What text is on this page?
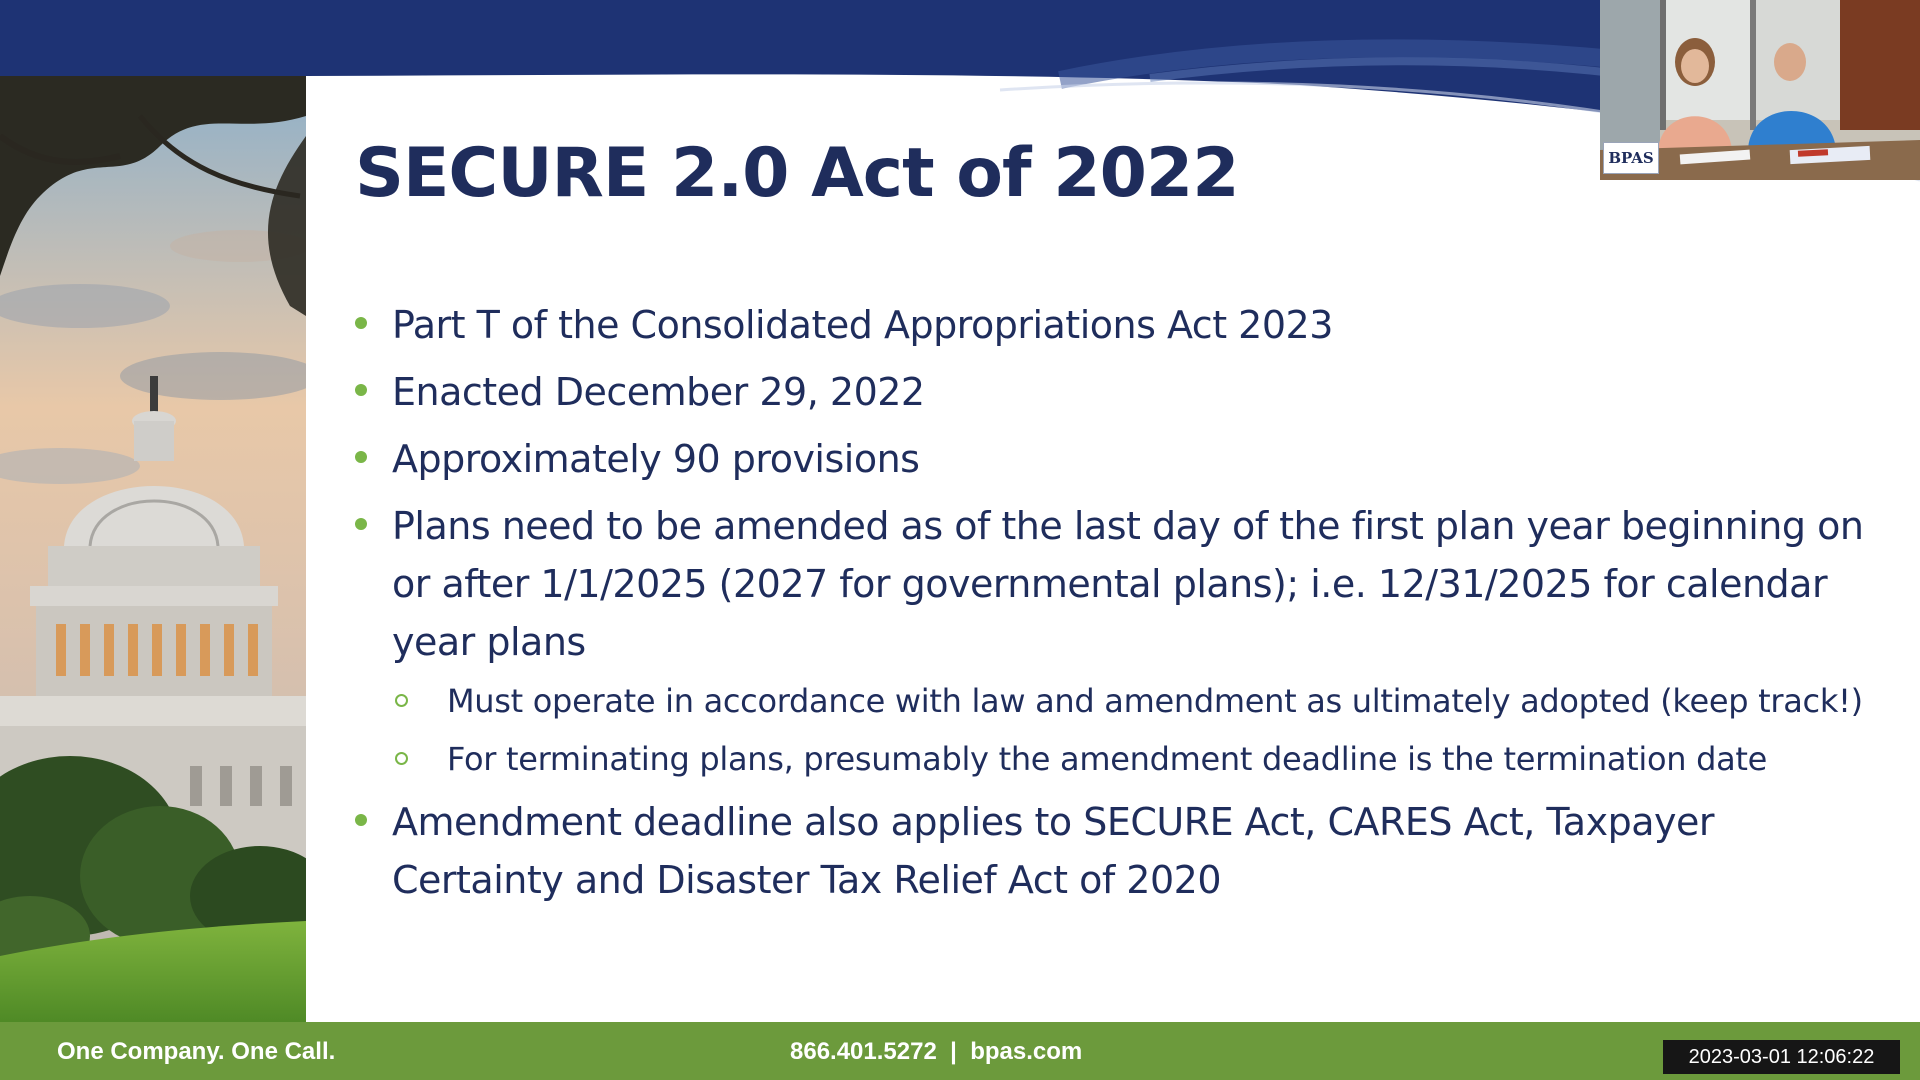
SECURE 2.0 Act of 2022
Part T of the Consolidated Appropriations Act 2023
Enacted December 29, 2022
Approximately 90 provisions
Plans need to be amended as of the last day of the first plan year beginning on or after 1/1/2025 (2027 for governmental plans); i.e. 12/31/2025 for calendar year plans
Must operate in accordance with law and amendment as ultimately adopted (keep track!)
For terminating plans, presumably the amendment deadline is the termination date
Amendment deadline also applies to SECURE Act, CARES Act, Taxpayer Certainty and Disaster Tax Relief Act of 2020
One Company. One Call.	866.401.5272 | bpas.com	2023-03-01 12:06:22
BPAS
